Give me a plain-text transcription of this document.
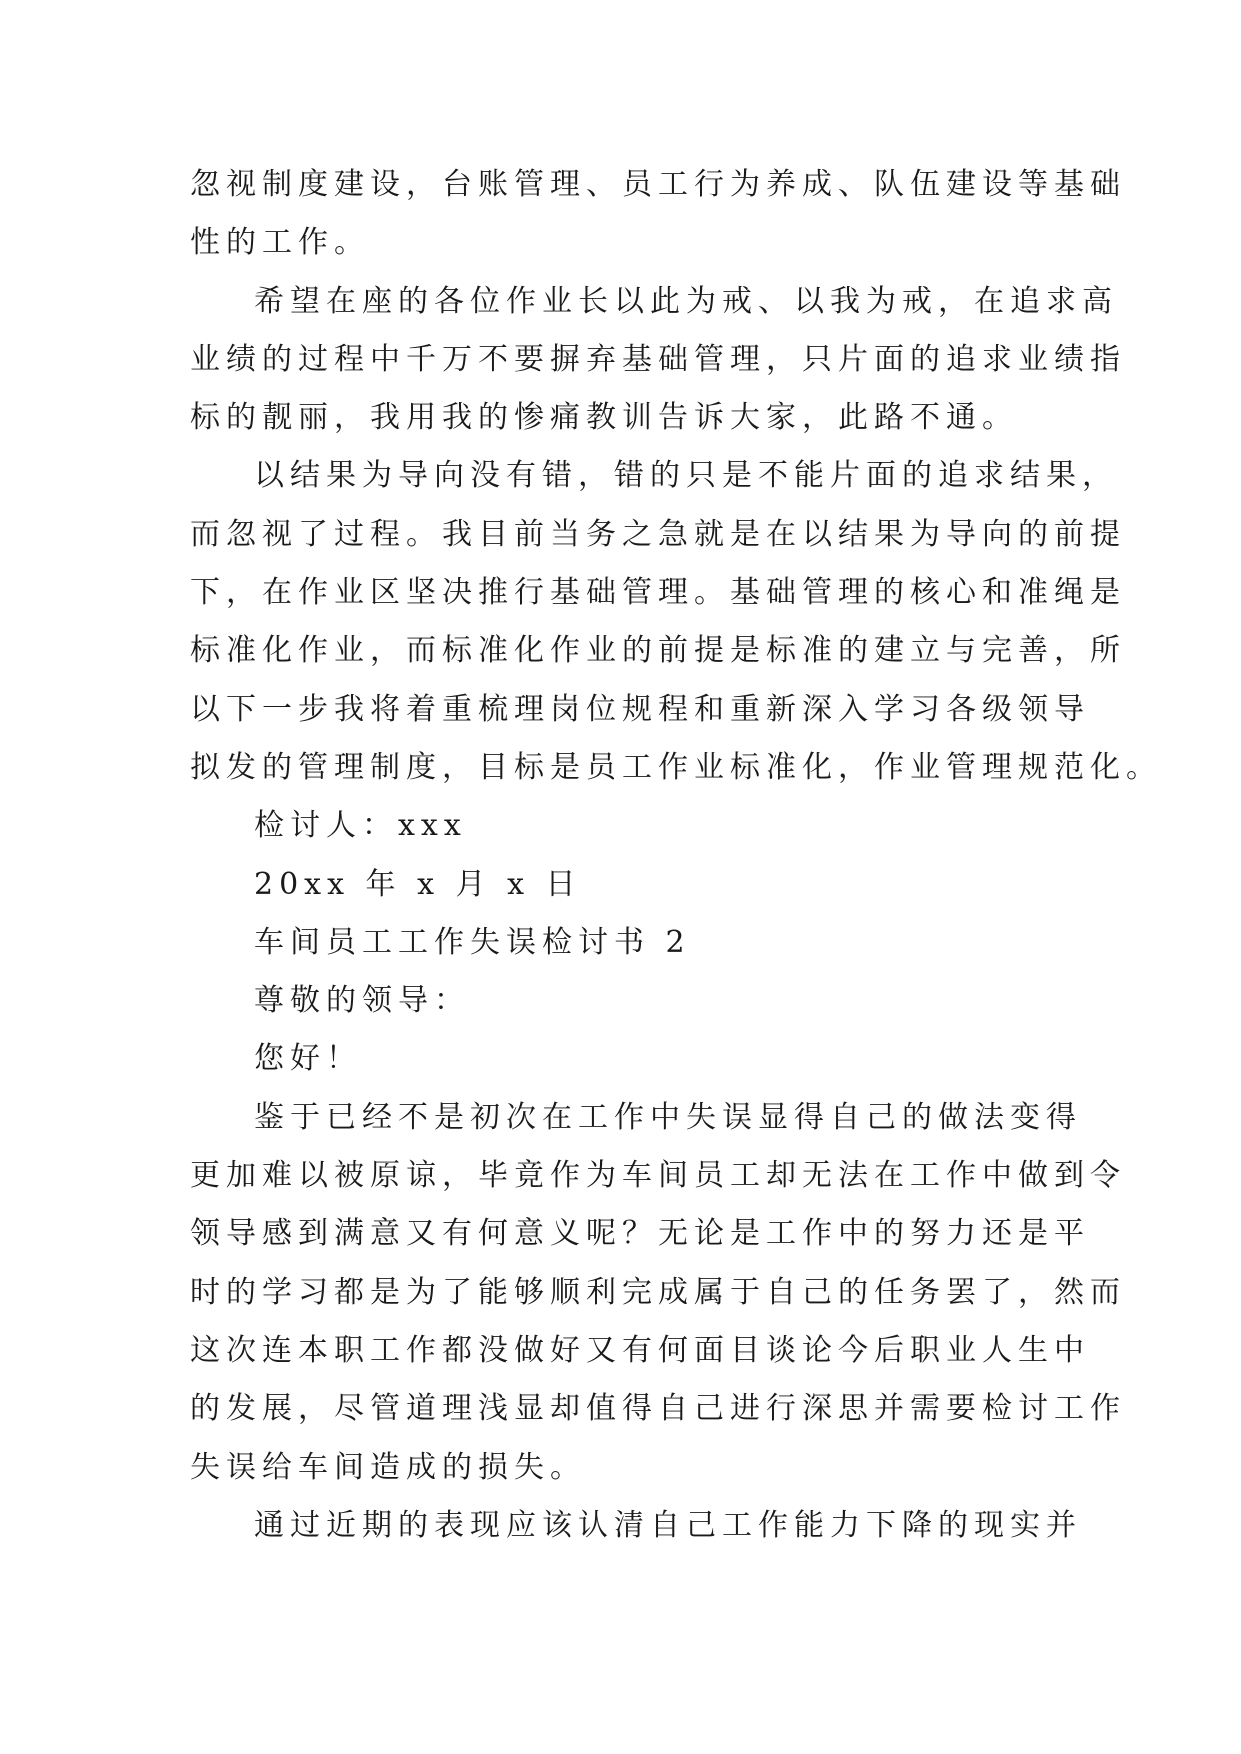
忽视制度建设，台账管理、员工行为养成、队伍建设等基础
性的工作。
希望在座的各位作业长以此为戒、以我为戒，在追求高
业绩的过程中千万不要摒弃基础管理，只片面的追求业绩指
标的靓丽，我用我的惨痛教训告诉大家，此路不通。
以结果为导向没有错，错的只是不能片面的追求结果，
而忽视了过程。我目前当务之急就是在以结果为导向的前提
下，在作业区坚决推行基础管理。基础管理的核心和准绳是
标准化作业，而标准化作业的前提是标准的建立与完善，所
以下一步我将着重梳理岗位规程和重新深入学习各级领导
拟发的管理制度，目标是员工作业标准化，作业管理规范化。
检讨人：xxx
20xx 年 x 月 x 日
车间员工工作失误检讨书 2
尊敬的领导：
您好！
鉴于已经不是初次在工作中失误显得自己的做法变得
更加难以被原谅，毕竟作为车间员工却无法在工作中做到令
领导感到满意又有何意义呢？无论是工作中的努力还是平
时的学习都是为了能够顺利完成属于自己的任务罢了，然而
这次连本职工作都没做好又有何面目谈论今后职业人生中
的发展，尽管道理浅显却值得自己进行深思并需要检讨工作
失误给车间造成的损失。
通过近期的表现应该认清自己工作能力下降的现实并
